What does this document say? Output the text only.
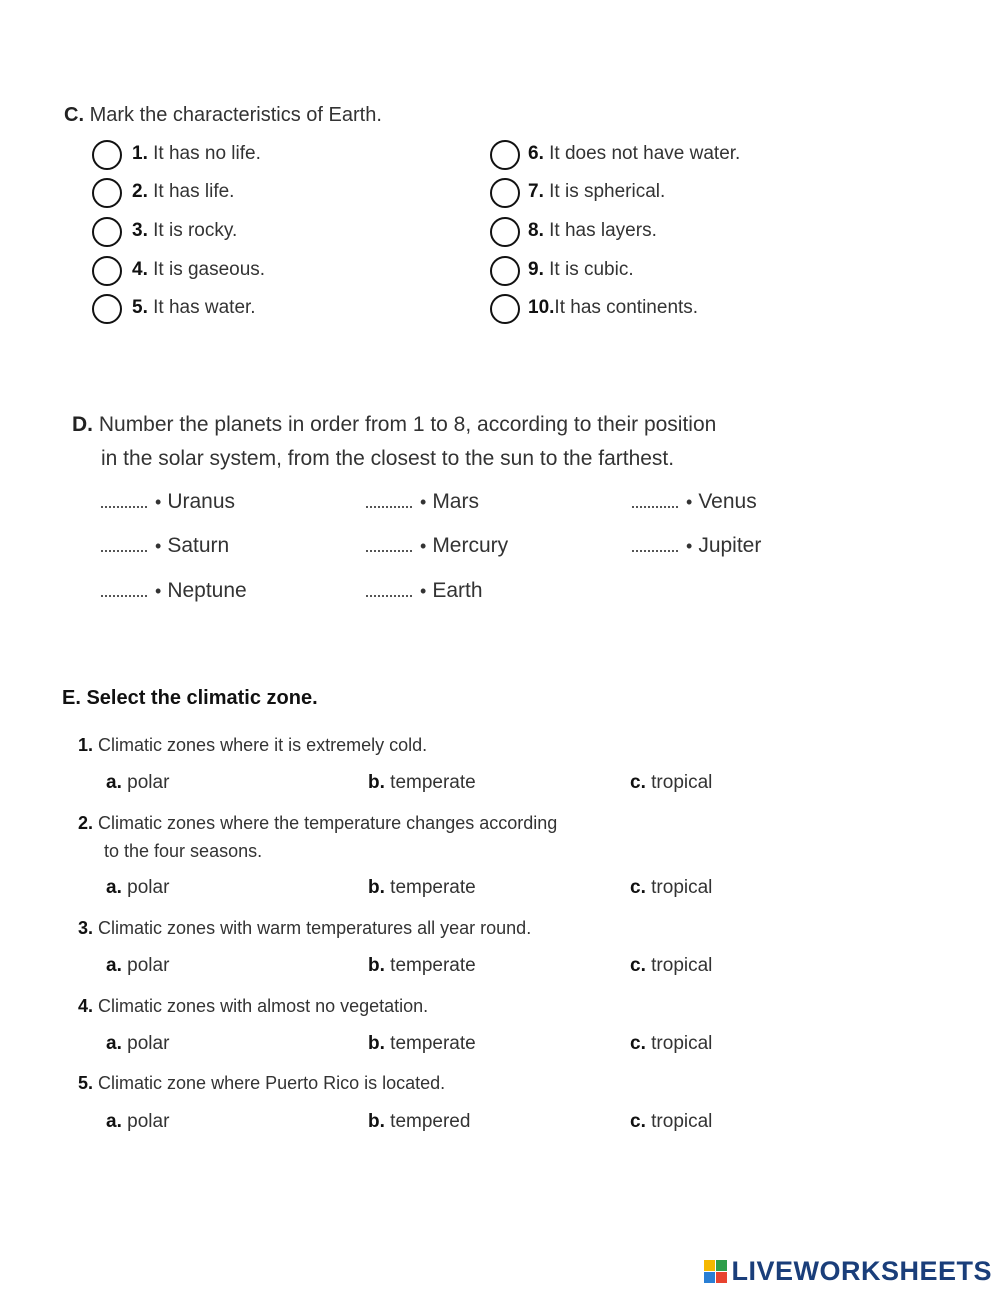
C. Mark the characteristics of Earth.
1. It has no life.
2. It has life.
3. It is rocky.
4. It is gaseous.
5. It has water.
6. It does not have water.
7. It is spherical.
8. It has layers.
9. It is cubic.
10.It has continents.
D. Number the planets in order from 1 to 8, according to their position
in the solar system, from the closest to the sun to the farthest.
• Uranus	• Mars	• Venus
• Saturn	• Mercury	• Jupiter
• Neptune	• Earth
E. Select the climatic zone.
1. Climatic zones where it is extremely cold.
a. polar	b. temperate	c. tropical
2. Climatic zones where the temperature changes according
to the four seasons.
a. polar	b. temperate	c. tropical
3. Climatic zones with warm temperatures all year round.
a. polar	b. temperate	c. tropical
4. Climatic zones with almost no vegetation.
a. polar	b. temperate	c. tropical
5. Climatic zone where Puerto Rico is located.
a. polar	b. tempered	c. tropical
LIVEWORKSHEETS
